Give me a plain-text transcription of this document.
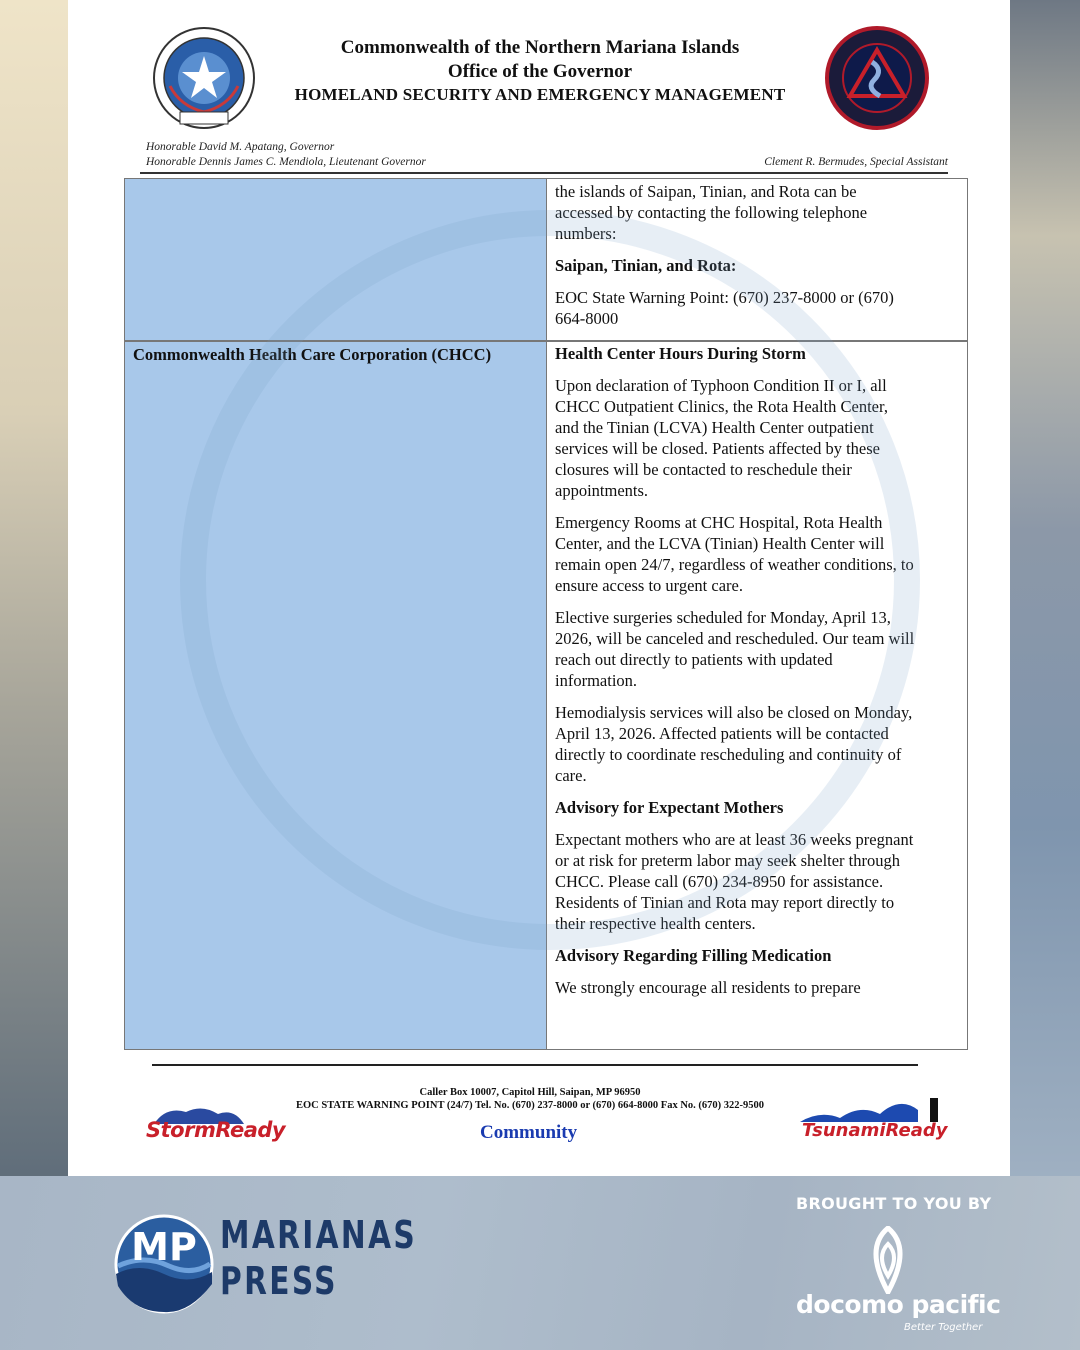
Commonwealth of the Northern Mariana Islands
Office of the Governor
HOMELAND SECURITY AND EMERGENCY MANAGEMENT
Honorable David M. Apatang, Governor
Honorable Dennis James C. Mendiola, Lieutenant Governor	Clement R. Bermudes, Special Assistant

the islands of Saipan, Tinian, and Rota can be accessed by contacting the following telephone numbers:

Saipan, Tinian, and Rota:

EOC State Warning Point: (670) 237-8000 or (670) 664-8000

Commonwealth Health Care Corporation (CHCC)	Health Center Hours During Storm

Upon declaration of Typhoon Condition II or I, all CHCC Outpatient Clinics, the Rota Health Center, and the Tinian (LCVA) Health Center outpatient services will be closed. Patients affected by these closures will be contacted to reschedule their appointments.

Emergency Rooms at CHC Hospital, Rota Health Center, and the LCVA (Tinian) Health Center will remain open 24/7, regardless of weather conditions, to ensure access to urgent care.

Elective surgeries scheduled for Monday, April 13, 2026, will be canceled and rescheduled. Our team will reach out directly to patients with updated information.

Hemodialysis services will also be closed on Monday, April 13, 2026. Affected patients will be contacted directly to coordinate rescheduling and continuity of care.

Advisory for Expectant Mothers

Expectant mothers who are at least 36 weeks pregnant or at risk for preterm labor may seek shelter through CHCC. Please call (670) 234-8950 for assistance. Residents of Tinian and Rota may report directly to their respective health centers.

Advisory Regarding Filling Medication

We strongly encourage all residents to prepare

Caller Box 10007, Capitol Hill, Saipan, MP 96950
EOC STATE WARNING POINT (24/7) Tel. No. (670) 237-8000 or (670) 664-8000 Fax No. (670) 322-9500
StormReady	Community	TsunamiReady
MP MARIANAS
PRESS
BROUGHT TO YOU BY
docomo pacific
Better Together
